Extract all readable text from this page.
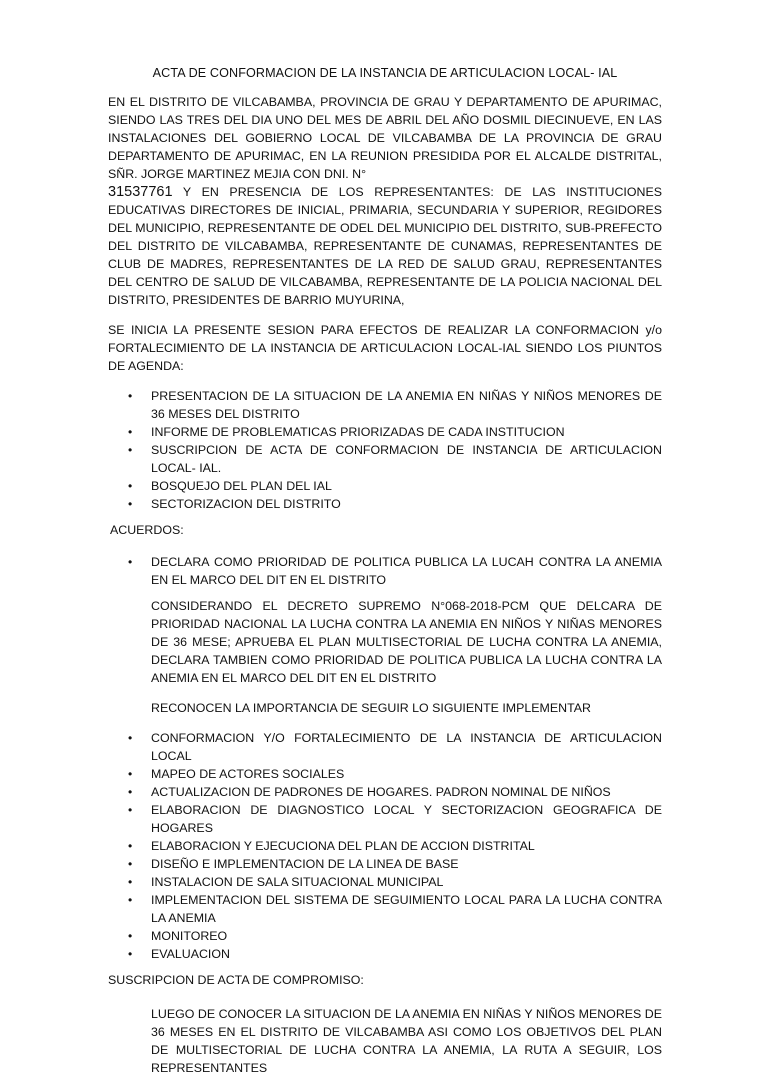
ACTA DE CONFORMACION DE LA INSTANCIA DE ARTICULACION LOCAL- IAL

EN EL DISTRITO DE VILCABAMBA, PROVINCIA DE GRAU Y DEPARTAMENTO DE APURIMAC, SIENDO LAS TRES DEL DIA UNO DEL MES DE ABRIL DEL AÑO DOSMIL DIECINUEVE, EN LAS INSTALACIONES DEL GOBIERNO LOCAL DE VILCABAMBA DE LA PROVINCIA DE GRAU DEPARTAMENTO DE APURIMAC, EN LA REUNION PRESIDIDA POR EL ALCALDE DISTRITAL, SÑR. JORGE MARTINEZ MEJIA CON DNI. N°
31537761 Y EN PRESENCIA DE LOS REPRESENTANTES: DE LAS INSTITUCIONES EDUCATIVAS DIRECTORES DE INICIAL, PRIMARIA, SECUNDARIA Y SUPERIOR, REGIDORES DEL MUNICIPIO, REPRESENTANTE DE ODEL DEL MUNICIPIO DEL DISTRITO, SUB-PREFECTO DEL DISTRITO DE VILCABAMBA, REPRESENTANTE DE CUNAMAS, REPRESENTANTES DE CLUB DE MADRES, REPRESENTANTES DE LA RED DE SALUD GRAU, REPRESENTANTES DEL CENTRO DE SALUD DE VILCABAMBA, REPRESENTANTE DE LA POLICIA NACIONAL DEL DISTRITO, PRESIDENTES DE BARRIO MUYURINA,

SE INICIA LA PRESENTE SESION PARA EFECTOS DE REALIZAR LA CONFORMACION y/o FORTALECIMIENTO DE LA INSTANCIA DE ARTICULACION LOCAL-IAL SIENDO LOS PIUNTOS DE AGENDA:

• PRESENTACION DE LA SITUACION DE LA ANEMIA EN NIÑAS Y NIÑOS MENORES DE 36 MESES DEL DISTRITO
• INFORME DE PROBLEMATICAS PRIORIZADAS DE CADA INSTITUCION
• SUSCRIPCION DE ACTA DE CONFORMACION DE INSTANCIA DE ARTICULACION LOCAL- IAL.
• BOSQUEJO DEL PLAN DEL IAL
• SECTORIZACION DEL DISTRITO

ACUERDOS:

• DECLARA COMO PRIORIDAD DE POLITICA PUBLICA LA LUCAH CONTRA LA ANEMIA EN EL MARCO DEL DIT EN EL DISTRITO

CONSIDERANDO EL DECRETO SUPREMO N°068-2018-PCM QUE DELCARA DE PRIORIDAD NACIONAL LA LUCHA CONTRA LA ANEMIA EN NIÑOS Y NIÑAS MENORES DE 36 MESE; APRUEBA EL PLAN MULTISECTORIAL DE LUCHA CONTRA LA ANEMIA, DECLARA TAMBIEN COMO PRIORIDAD DE POLITICA PUBLICA LA LUCHA CONTRA LA ANEMIA EN EL MARCO DEL DIT EN EL DISTRITO

RECONOCEN LA IMPORTANCIA DE SEGUIR LO SIGUIENTE IMPLEMENTAR

• CONFORMACION Y/O FORTALECIMIENTO DE LA INSTANCIA DE ARTICULACION LOCAL
• MAPEO DE ACTORES SOCIALES
• ACTUALIZACION DE PADRONES DE HOGARES. PADRON NOMINAL DE NIÑOS
• ELABORACION DE DIAGNOSTICO LOCAL Y SECTORIZACION GEOGRAFICA DE HOGARES
• ELABORACION Y EJECUCIONA DEL PLAN DE ACCION DISTRITAL
• DISEÑO E IMPLEMENTACION DE LA LINEA DE BASE
• INSTALACION DE SALA SITUACIONAL MUNICIPAL
• IMPLEMENTACION DEL SISTEMA DE SEGUIMIENTO LOCAL PARA LA LUCHA CONTRA LA ANEMIA
• MONITOREO
• EVALUACION

SUSCRIPCION DE ACTA DE COMPROMISO:

LUEGO DE CONOCER LA SITUACION DE LA ANEMIA EN NIÑAS Y NIÑOS MENORES DE 36 MESES EN EL DISTRITO DE VILCABAMBA ASI COMO LOS OBJETIVOS DEL PLAN DE MULTISECTORIAL DE LUCHA CONTRA LA ANEMIA, LA RUTA A SEGUIR, LOS REPRESENTANTES
